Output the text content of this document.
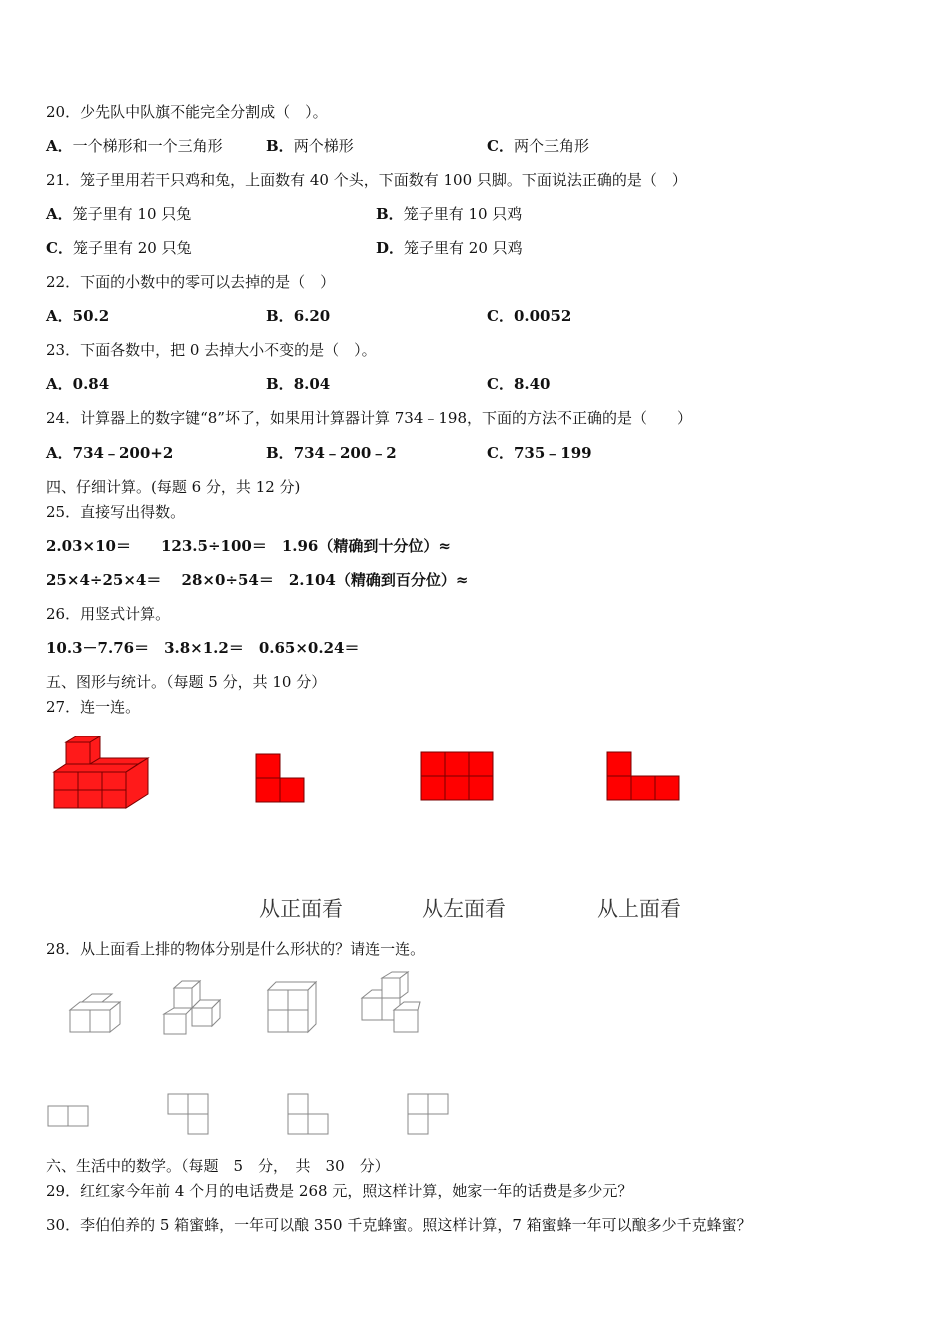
20．少先队中队旗不能完全分割成（　）。
A．一个梯形和一个三角形	B．两个梯形	C．两个三角形
21．笼子里用若干只鸡和兔，上面数有 40 个头，下面数有 100 只脚。下面说法正确的是（　）
A．笼子里有 10 只兔	B．笼子里有 10 只鸡
C．笼子里有 20 只兔	D．笼子里有 20 只鸡
22．下面的小数中的零可以去掉的是（　）
A．50.2	B．6.20	C．0.0052
23．下面各数中，把 0 去掉大小不变的是（　）。
A．0.84	B．8.04	C．8.40
24．计算器上的数字键“8”坏了，如果用计算器计算 734﹣198，下面的方法不正确的是（　　）
A．734﹣200+2	B．734﹣200﹣2	C．735﹣199
四、仔细计算。(每题 6 分，共 12 分)
25．直接写出得数。
2.03×10＝　　123.5÷100＝　1.96（精确到十分位）≈
25×4÷25×4＝　 28×0÷54＝　2.104（精确到百分位）≈
26．用竖式计算。
10.3－7.76＝　3.8×1.2＝　0.65×0.24＝
五、图形与统计。（每题 5 分，共 10 分）
27．连一连。
从正面看	从左面看	从上面看
28．从上面看上排的物体分别是什么形状的？请连一连。
六、生活中的数学。（每题　5　分，　共　30　分）
29．红红家今年前 4 个月的电话费是 268 元，照这样计算，她家一年的话费是多少元？
30．李伯伯养的 5 箱蜜蜂，一年可以酿 350 千克蜂蜜。照这样计算，7 箱蜜蜂一年可以酿多少千克蜂蜜？
